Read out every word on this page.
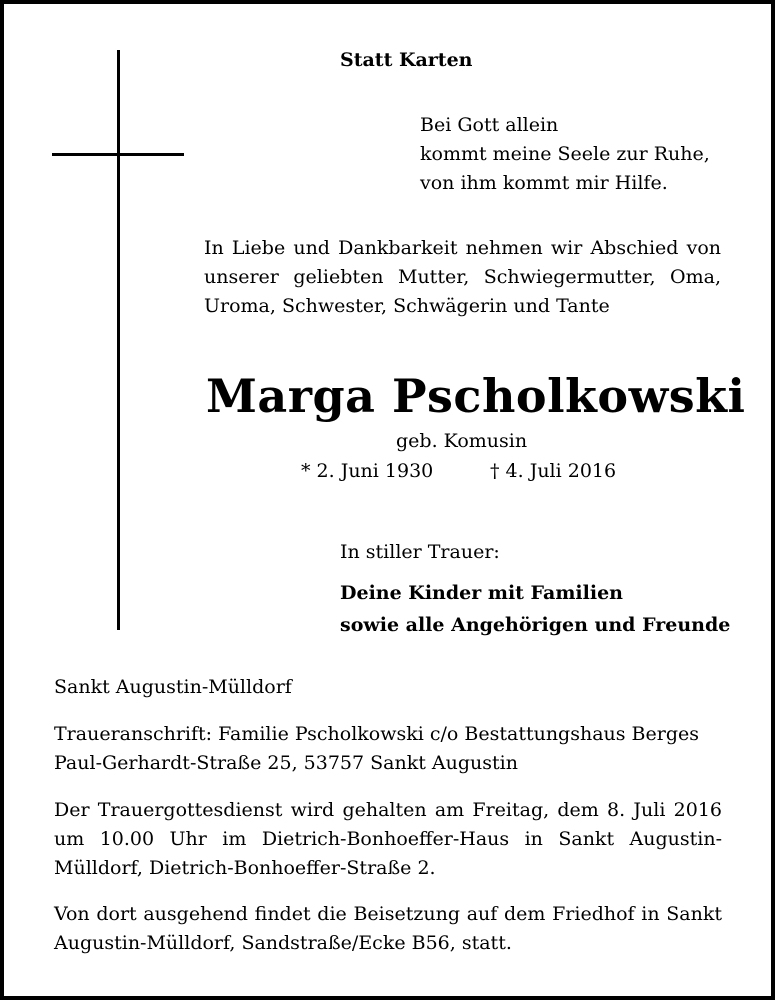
Statt Karten

Bei Gott allein
kommt meine Seele zur Ruhe,
von ihm kommt mir Hilfe.
In Liebe und Dankbarkeit nehmen wir Abschied von
unserer geliebten Mutter, Schwiegermutter, Oma,
Uroma, Schwester, Schwägerin und Tante
Marga Pscholkowski

geb. Komusin

* 2. Juni 1930	† 4. Juli 2016

In stiller Trauer:

Deine Kinder mit Familien
sowie alle Angehörigen und Freunde

Sankt Augustin-Mülldorf

Traueranschrift: Familie Pscholkowski c/o Bestattungshaus Berges
Paul-Gerhardt-Straße 25, 53757 Sankt Augustin
Der Trauergottesdienst wird gehalten am Freitag, dem 8. Juli 2016
um 10.00 Uhr im Dietrich-Bonhoeffer-Haus in Sankt Augustin-
Mülldorf, Dietrich-Bonhoeffer-Straße 2.
Von dort ausgehend findet die Beisetzung auf dem Friedhof in Sankt
Augustin-Mülldorf, Sandstraße/Ecke B56, statt.
